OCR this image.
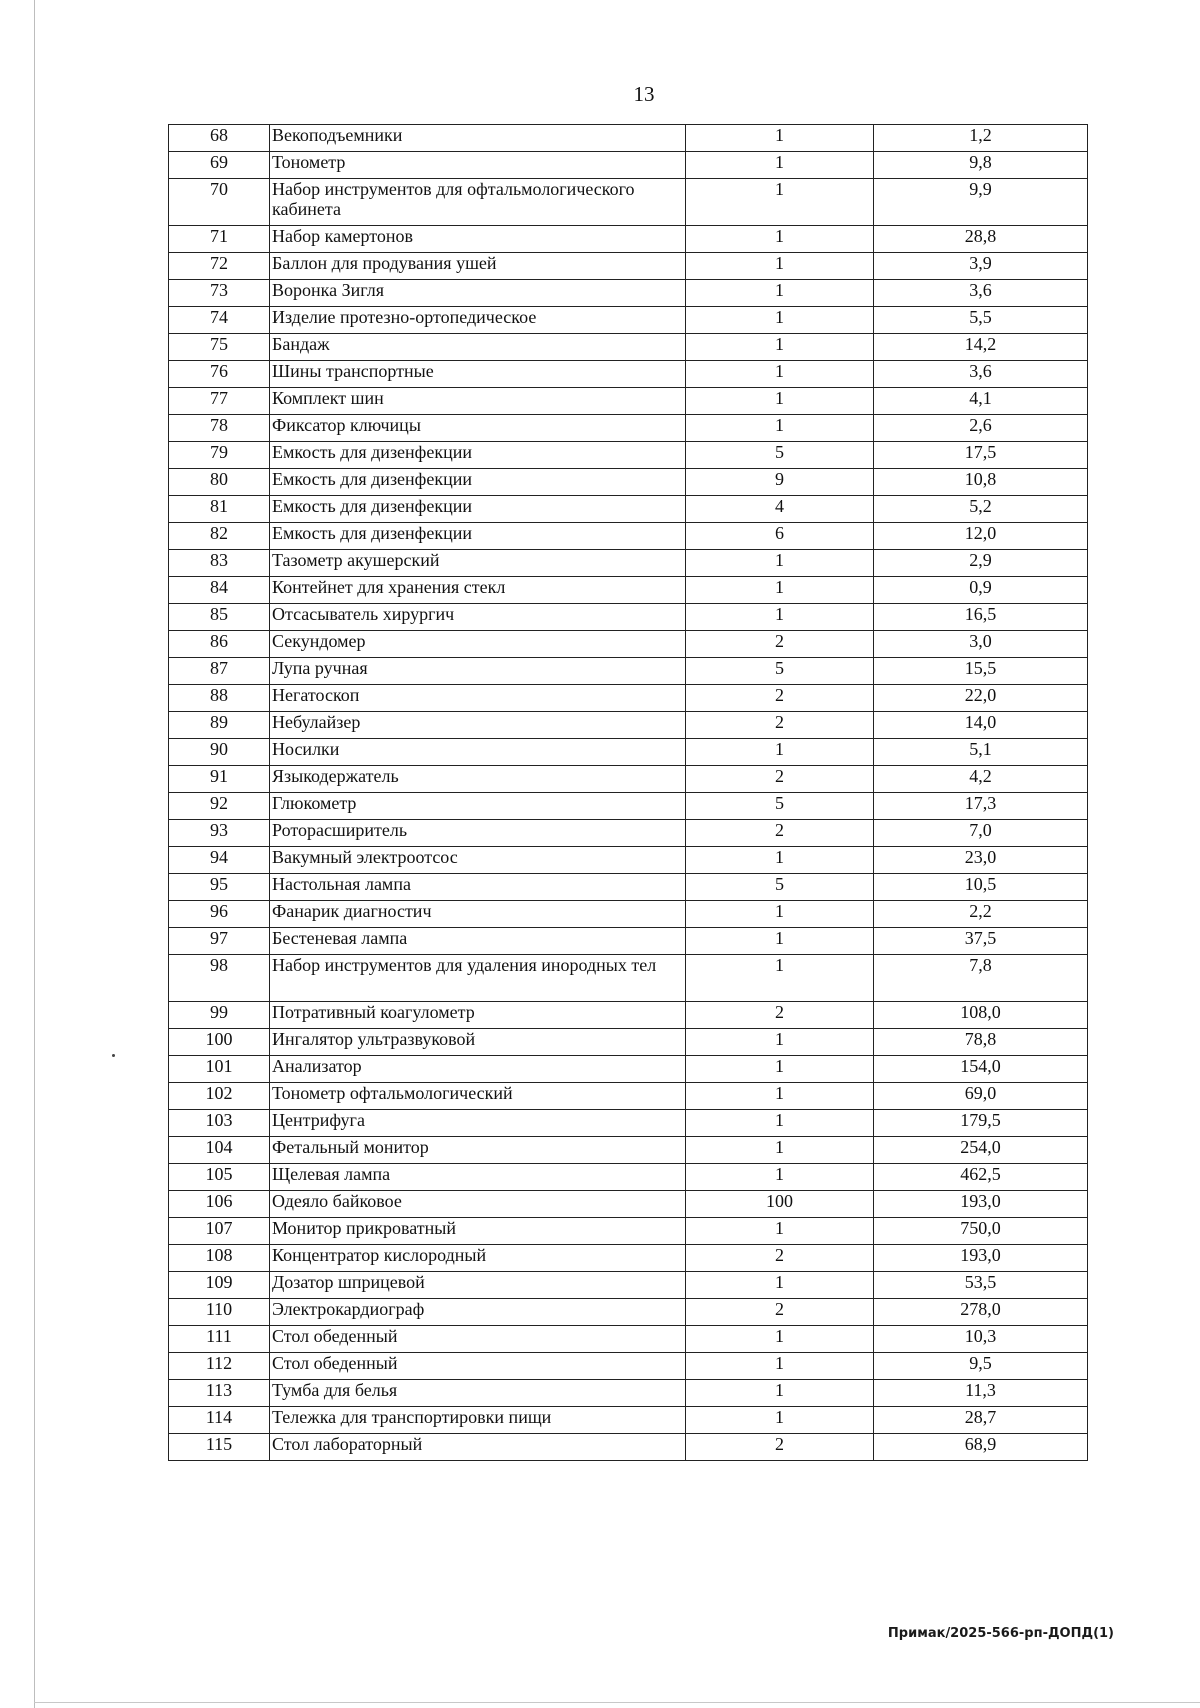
13
68	Векоподъемники	1	1,2
69	Тонометр	1	9,8
70	Набор инструментов для офтальмологического кабинета	1	9,9
71	Набор камертонов	1	28,8
72	Баллон для продувания ушей	1	3,9
73	Воронка Зигля	1	3,6
74	Изделие протезно-ортопедическое	1	5,5
75	Бандаж	1	14,2
76	Шины транспортные	1	3,6
77	Комплект шин	1	4,1
78	Фиксатор ключицы	1	2,6
79	Емкость для дизенфекции	5	17,5
80	Емкость для дизенфекции	9	10,8
81	Емкость для дизенфекции	4	5,2
82	Емкость для дизенфекции	6	12,0
83	Тазометр акушерский	1	2,9
84	Контейнет для хранения стекл	1	0,9
85	Отсасыватель хирургич	1	16,5
86	Секундомер	2	3,0
87	Лупа ручная	5	15,5
88	Негатоскоп	2	22,0
89	Небулайзер	2	14,0
90	Носилки	1	5,1
91	Языкодержатель	2	4,2
92	Глюкометр	5	17,3
93	Роторасширитель	2	7,0
94	Вакумный электроотсос	1	23,0
95	Настольная лампа	5	10,5
96	Фанарик диагностич	1	2,2
97	Бестеневая лампа	1	37,5
98	Набор инструментов для удаления инородных тел	1	7,8
99	Потративный коагулометр	2	108,0
100	Ингалятор ультразвуковой	1	78,8
101	Анализатор	1	154,0
102	Тонометр офтальмологический	1	69,0
103	Центрифуга	1	179,5
104	Фетальный монитор	1	254,0
105	Щелевая лампа	1	462,5
106	Одеяло байковое	100	193,0
107	Монитор прикроватный	1	750,0
108	Концентратор кислородный	2	193,0
109	Дозатор шприцевой	1	53,5
110	Электрокардиограф	2	278,0
111	Стол обеденный	1	10,3
112	Стол обеденный	1	9,5
113	Тумба для белья	1	11,3
114	Тележка для транспортировки пищи	1	28,7
115	Стол лабораторный	2	68,9
Примак/2025-566-рп-ДОПД(1)
